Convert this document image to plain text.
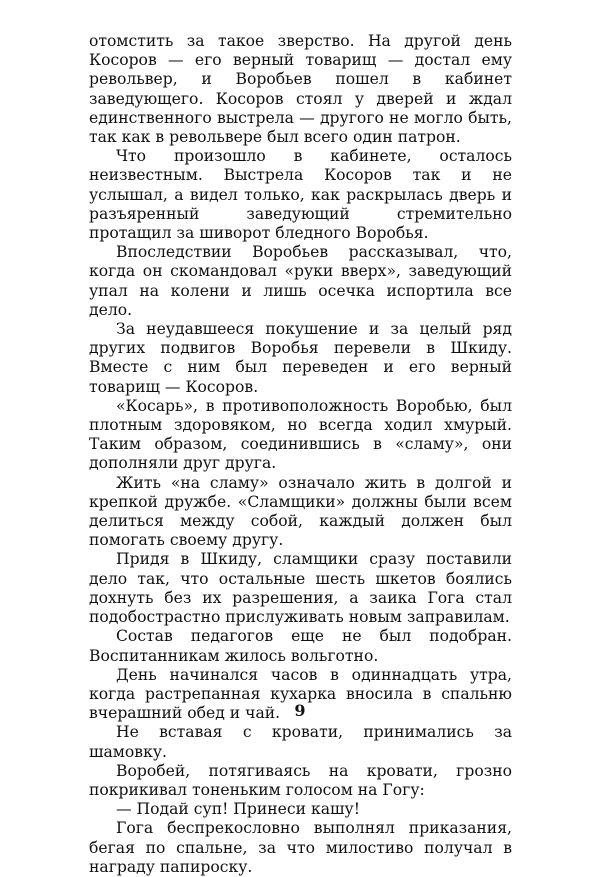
отомстить за такое зверство. На другой день Косоров — его верный товарищ — достал ему револьвер, и Воробьев пошел в кабинет заведующего. Косоров стоял у дверей и ждал единственного выстрела — другого не могло быть, так как в револьвере был всего один патрон.

Что произошло в кабинете, осталось неизвестным. Выстрела Косоров так и не услышал, а видел только, как раскрылась дверь и разъяренный заведующий стремительно протащил за шиворот бледного Воробья.

Впоследствии Воробьев рассказывал, что, когда он скомандовал «руки вверх», заведующий упал на колени и лишь осечка испортила все дело.

За неудавшееся покушение и за целый ряд других подвигов Воробья перевели в Шкиду. Вместе с ним был переведен и его верный товарищ — Косоров.

«Косарь», в противоположность Воробью, был плотным здоровяком, но всегда ходил хмурый. Таким образом, соединившись в «сламу», они дополняли друг друга.

Жить «на сламу» означало жить в долгой и крепкой дружбе. «Сламщики» должны были всем делиться между собой, каждый должен был помогать своему другу.

Придя в Шкиду, сламщики сразу поставили дело так, что остальные шесть шкетов боялись дохнуть без их разрешения, а заика Гога стал подобострастно прислуживать новым заправилам.

Состав педагогов еще не был подобран. Воспитанникам жилось вольготно.

День начинался часов в одиннадцать утра, когда растрепанная кухарка вносила в спальню вчерашний обед и чай.

Не вставая с кровати, принимались за шамовку.

Воробей, потягиваясь на кровати, грозно покрикивал тоненьким голосом на Гогу:

— Подай суп! Принеси кашу!

Гога беспрекословно выполнял приказания, бегая по спальне, за что милостиво получал в награду папироску.

9
